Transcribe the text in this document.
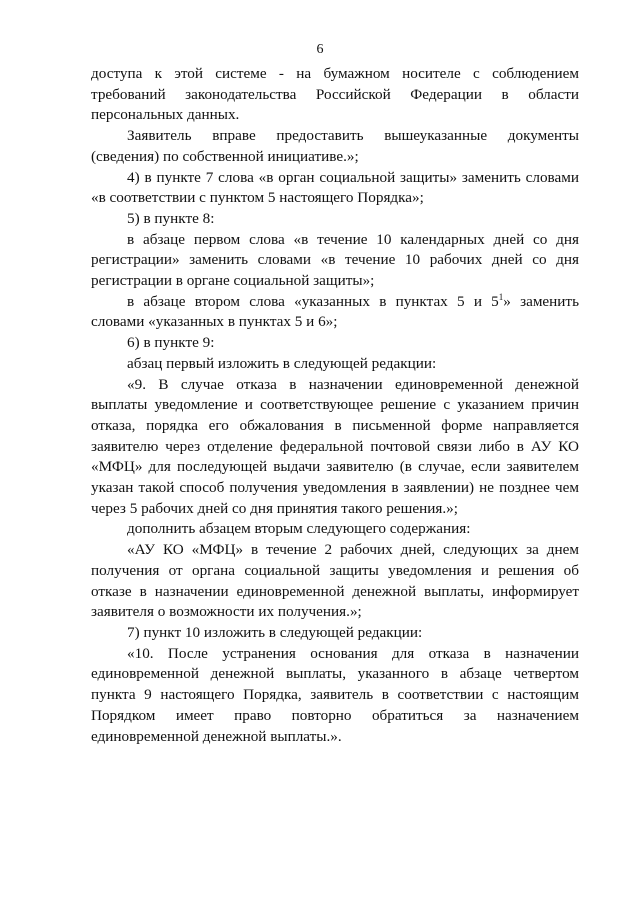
6

доступа к этой системе - на бумажном носителе с соблюдением требований законодательства Российской Федерации в области персональных данных.

Заявитель вправе предоставить вышеуказанные документы (сведения) по собственной инициативе.»;

4) в пункте 7 слова «в орган социальной защиты» заменить словами «в соответствии с пунктом 5 настоящего Порядка»;

5) в пункте 8:

в абзаце первом слова «в течение 10 календарных дней со дня регистрации» заменить словами «в течение 10 рабочих дней со дня регистрации в органе социальной защиты»;

в абзаце втором слова «указанных в пунктах 5 и $5^1$» заменить словами «указанных в пунктах 5 и 6»;

6) в пункте 9:

абзац первый изложить в следующей редакции:

«9. В случае отказа в назначении единовременной денежной выплаты уведомление и соответствующее решение с указанием причин отказа, порядка его обжалования в письменной форме направляется заявителю через отделение федеральной почтовой связи либо в АУ КО «МФЦ» для последующей выдачи заявителю (в случае, если заявителем указан такой способ получения уведомления в заявлении) не позднее чем через 5 рабочих дней со дня принятия такого решения.»;

дополнить абзацем вторым следующего содержания:

«АУ КО «МФЦ» в течение 2 рабочих дней, следующих за днем получения от органа социальной защиты уведомления и решения об отказе в назначении единовременной денежной выплаты, информирует заявителя о возможности их получения.»;

7) пункт 10 изложить в следующей редакции:

«10. После устранения основания для отказа в назначении единовременной денежной выплаты, указанного в абзаце четвертом пункта 9 настоящего Порядка, заявитель в соответствии с настоящим Порядком имеет право повторно обратиться за назначением единовременной денежной выплаты.».
